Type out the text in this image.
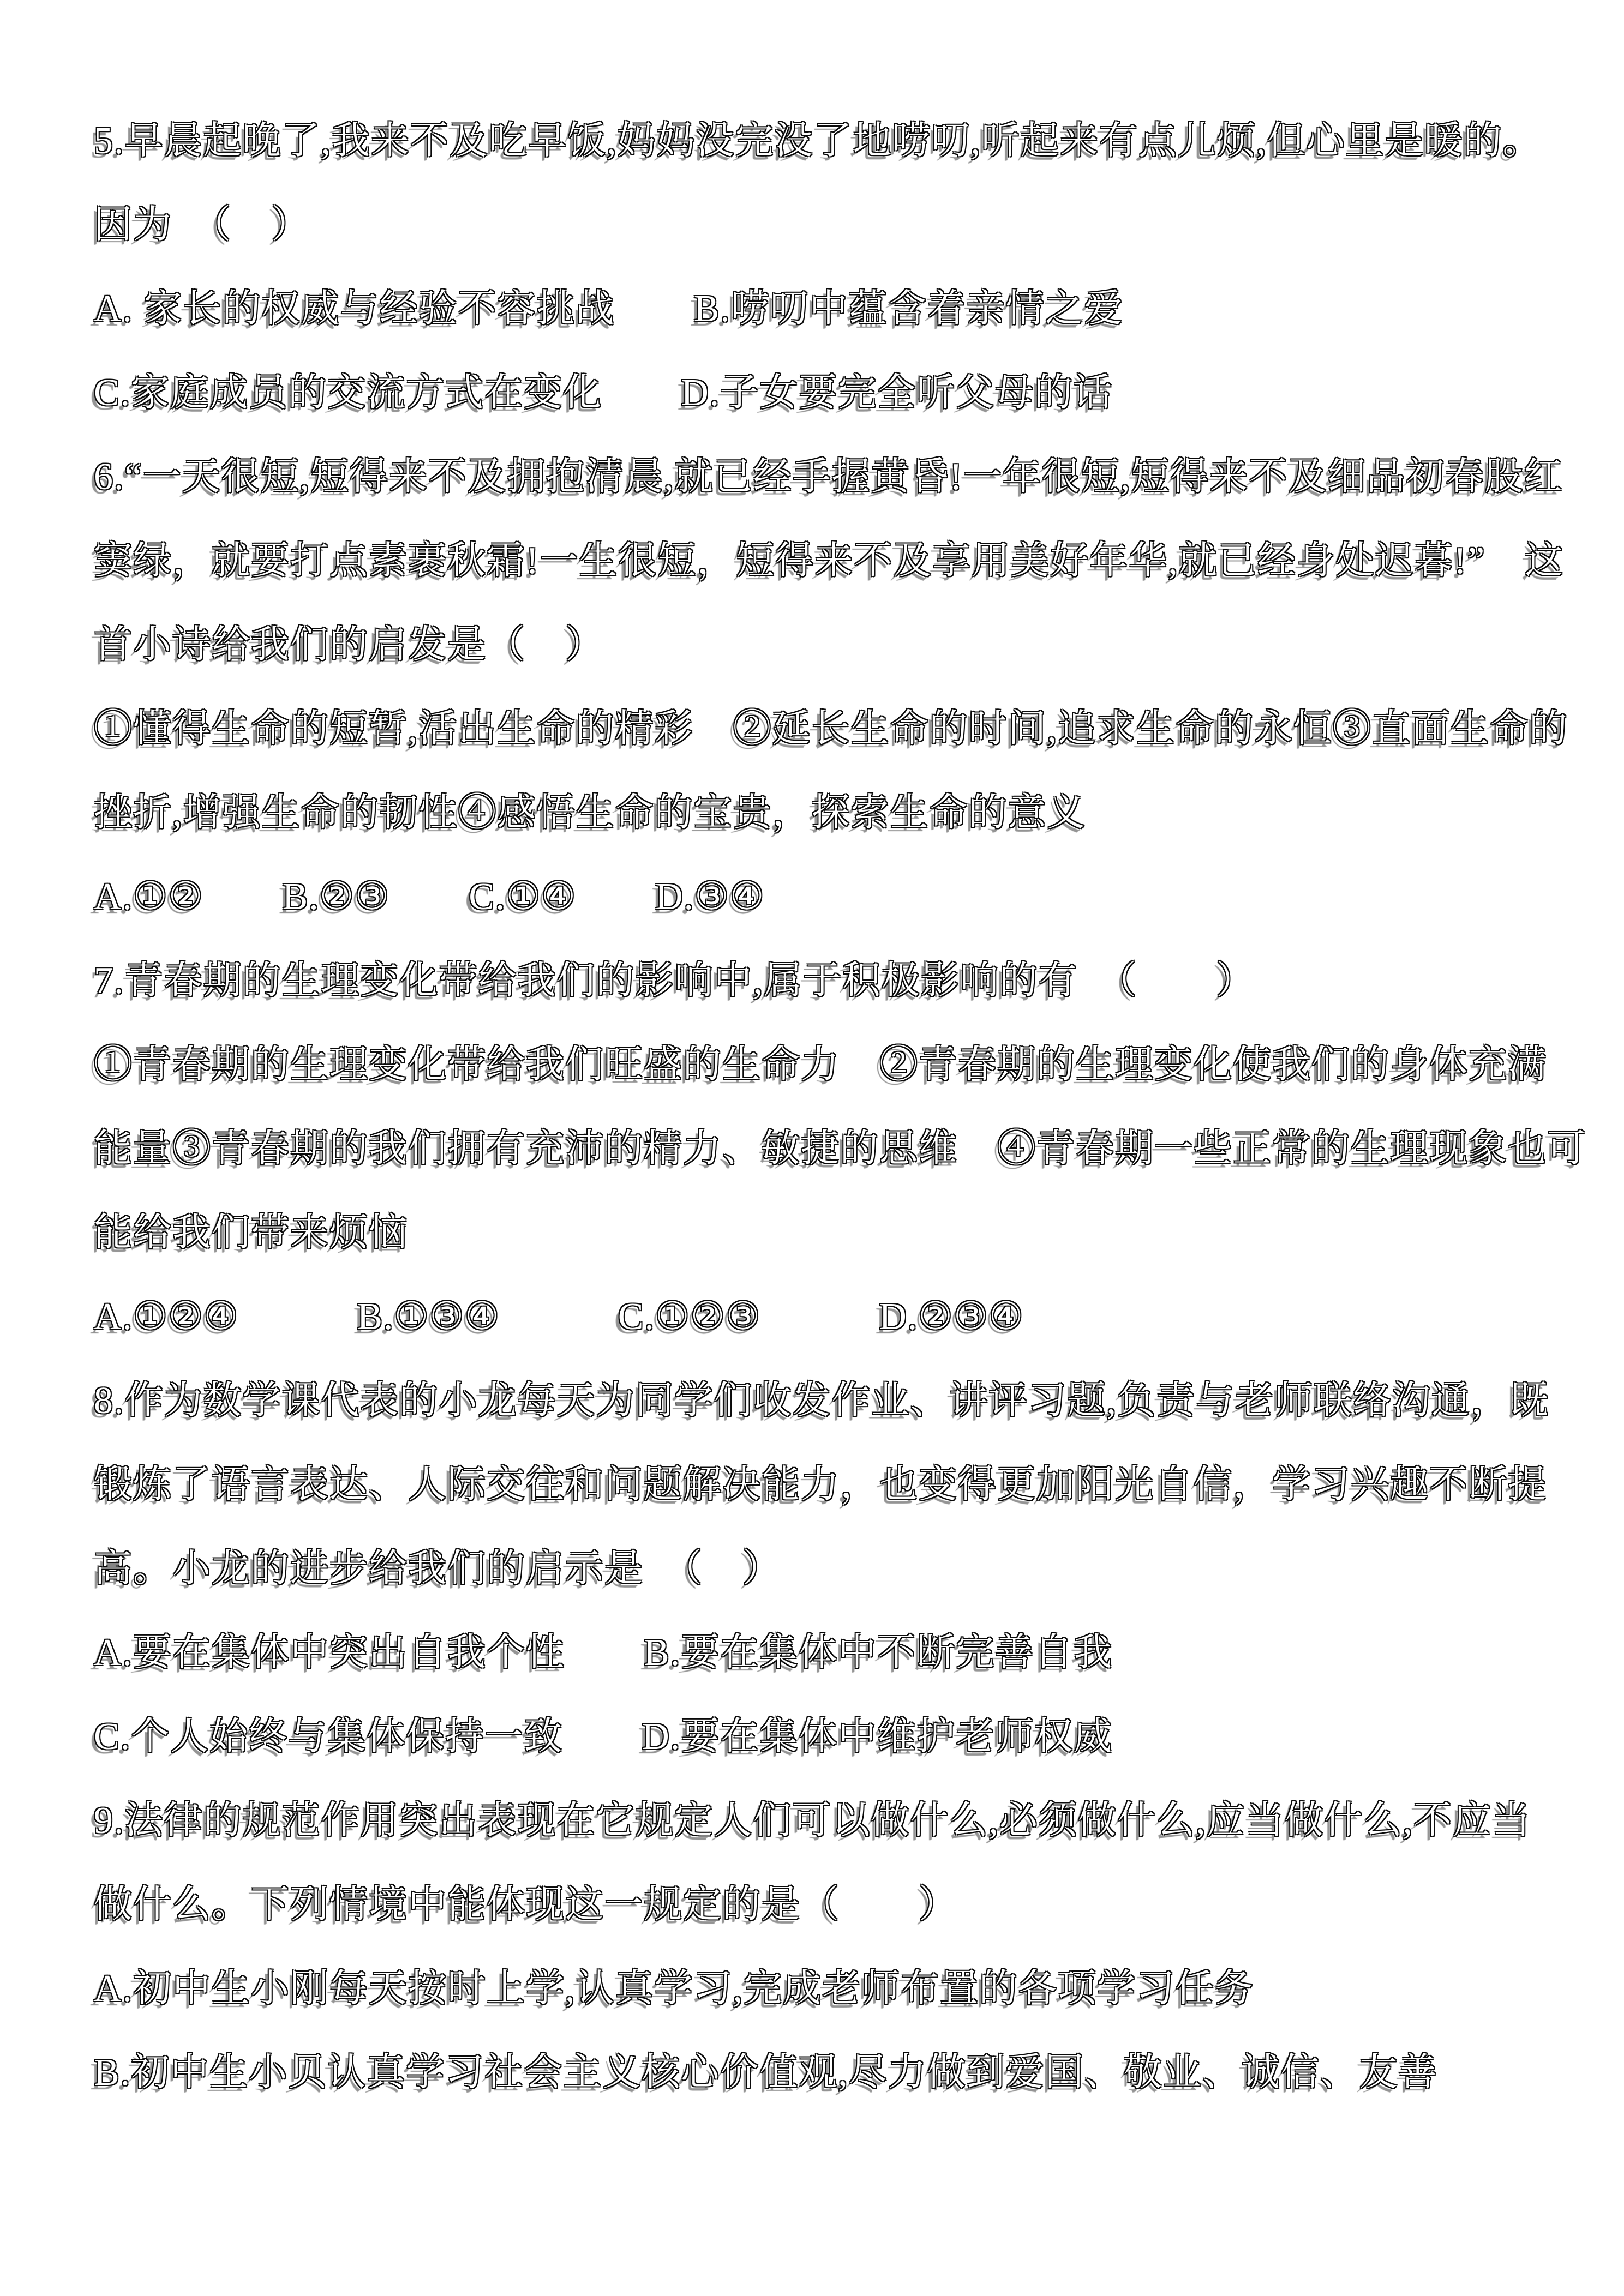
5.早晨起晚了,我来不及吃早饭,妈妈没完没了地唠叨,听起来有点儿烦,但心里是暖的。
因为　（　）
A. 家长的权威与经验不容挑战　　B.唠叨中蕴含着亲情之爱
C.家庭成员的交流方式在变化　　D.子女要完全听父母的话
6.“一天很短,短得来不及拥抱清晨,就已经手握黄昏!一年很短,短得来不及细品初春股红
窦绿，就要打点素裹秋霜!一生很短，短得来不及享用美好年华,就已经身处迟暮!”　这
首小诗给我们的启发是（　）
①懂得生命的短暂,活出生命的精彩　②延长生命的时间,追求生命的永恒③直面生命的
挫折,增强生命的韧性④感悟生命的宝贵，探索生命的意义
A.①②　　B.②③　　C.①④　　D.③④
7.青春期的生理变化带给我们的影响中,属于积极影响的有　（　　）
①青春期的生理变化带给我们旺盛的生命力　②青春期的生理变化使我们的身体充满
能量③青春期的我们拥有充沛的精力、敏捷的思维　④青春期一些正常的生理现象也可
能给我们带来烦恼
A.①②④　　　B.①③④　　　C.①②③　　　D.②③④
8.作为数学课代表的小龙每天为同学们收发作业、讲评习题,负责与老师联络沟通，既
锻炼了语言表达、人际交往和问题解决能力，也变得更加阳光自信，学习兴趣不断提
高。小龙的进步给我们的启示是　（　）
A.要在集体中突出自我个性　　B.要在集体中不断完善自我
C.个人始终与集体保持一致　　D.要在集体中维护老师权威
9.法律的规范作用突出表现在它规定人们可以做什么,必须做什么,应当做什么,不应当
做什么。下列情境中能体现这一规定的是（　　）
A.初中生小刚每天按时上学,认真学习,完成老师布置的各项学习任务
B.初中生小贝认真学习社会主义核心价值观,尽力做到爱国、敬业、诚信、友善
